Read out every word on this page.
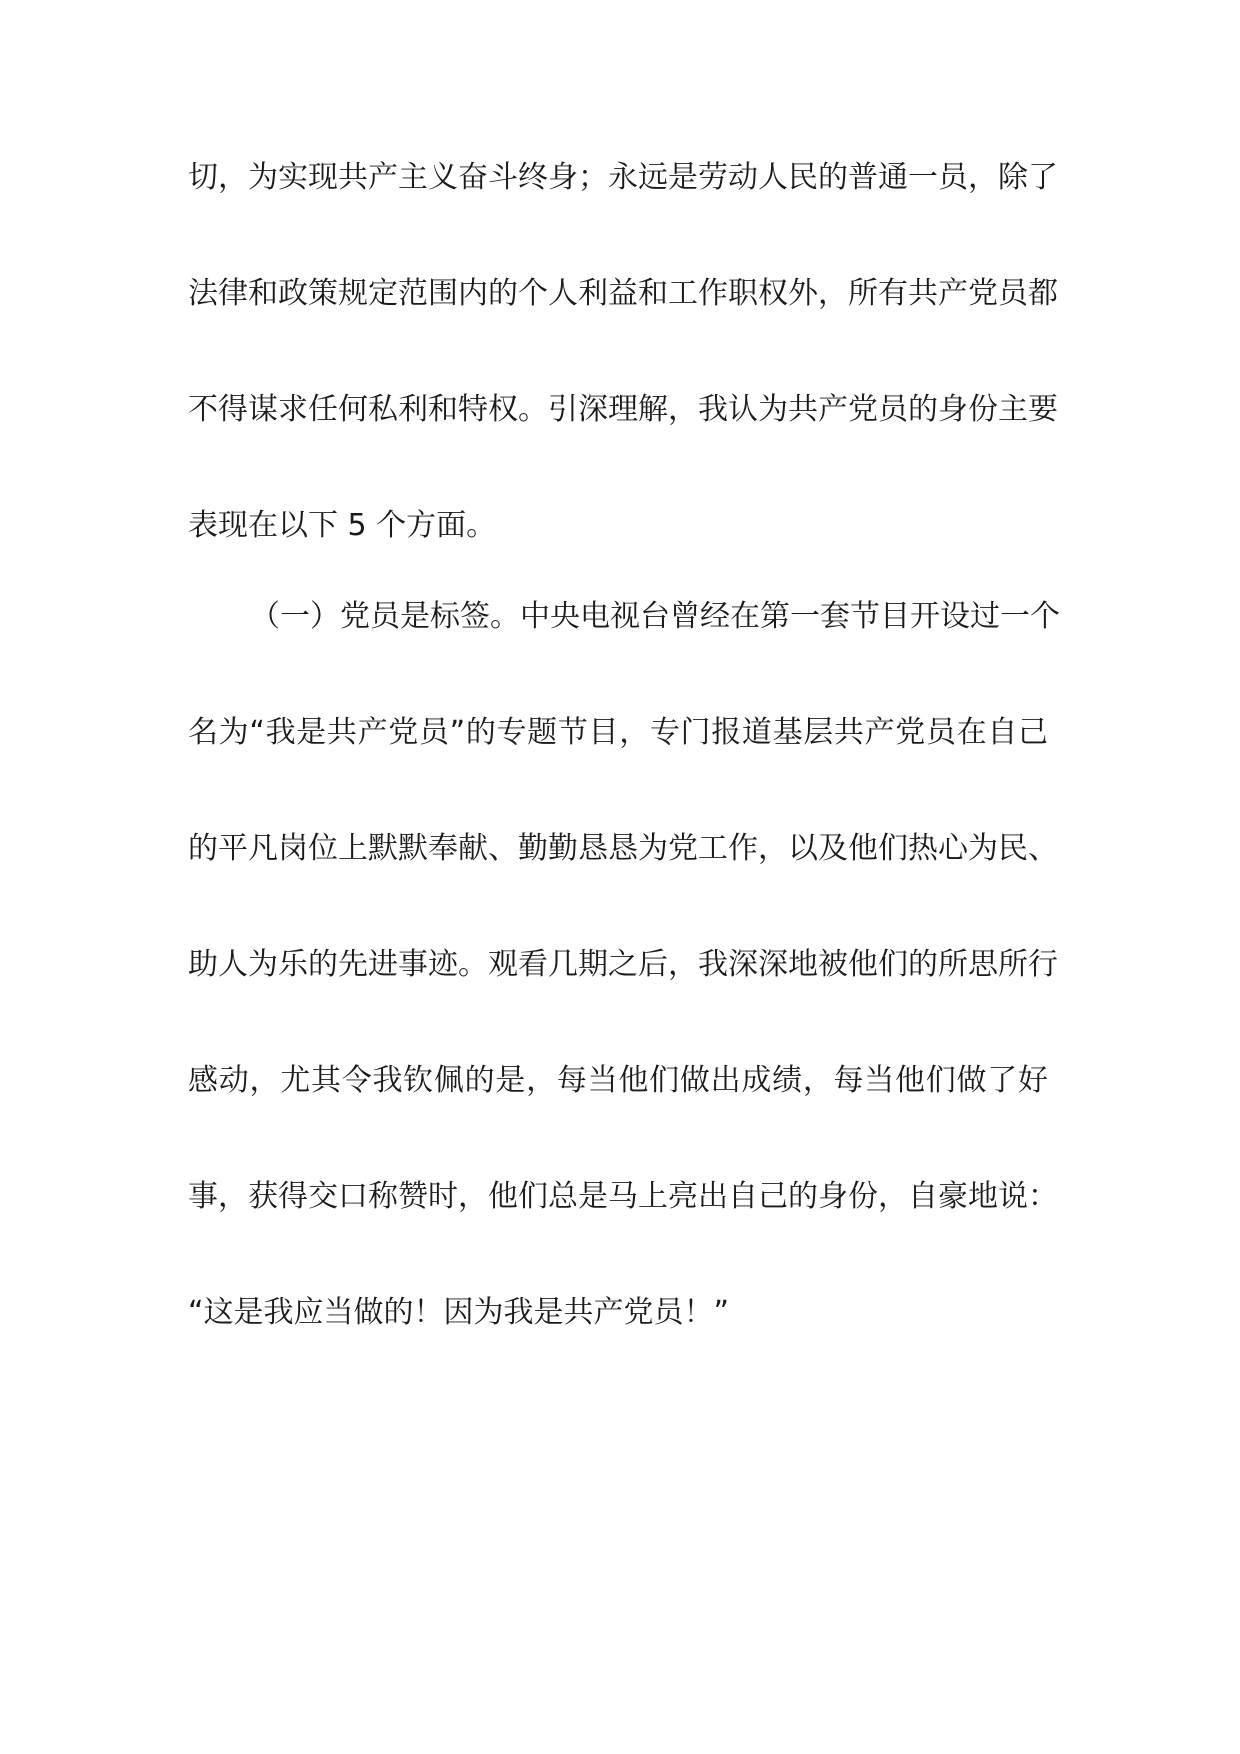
切，为实现共产主义奋斗终身；永远是劳动人民的普通一员，除了
法律和政策规定范围内的个人利益和工作职权外，所有共产党员都
不得谋求任何私利和特权。引深理解，我认为共产党员的身份主要
表现在以下 5 个方面。
（一）党员是标签。中央电视台曾经在第一套节目开设过一个
名为“我是共产党员”的专题节目，专门报道基层共产党员在自己
的平凡岗位上默默奉献、勤勤恳恳为党工作，以及他们热心为民、
助人为乐的先进事迹。观看几期之后，我深深地被他们的所思所行
感动，尤其令我钦佩的是，每当他们做出成绩，每当他们做了好
事，获得交口称赞时，他们总是马上亮出自己的身份，自豪地说：
“这是我应当做的！因为我是共产党员！”
